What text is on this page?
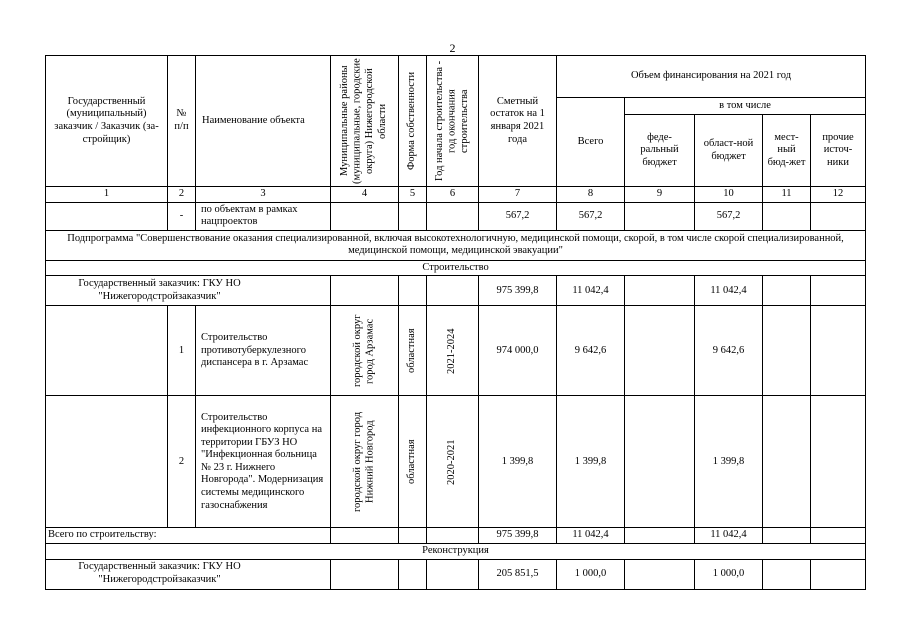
2
Государственный (муниципальный) заказчик / Заказчик (за-стройщик)	№ п/п	Наименование объекта	Муниципальные районы (муниципальные, городские округа) Нижегородской области	Форма собственности	Год начала строительства - год окончания строительства	Сметный остаток на 1 января 2021 года	Объем финансирования на 2021 год				
							Всего	в том числе			
								феде-ральный бюджет	област-ной бюджет	мест-ный бюд-жет	прочие источ-ники
1	2	3	4	5	6	7	8	9	10	11	12
	-	по объектам в рамках нацпроектов				567,2	567,2		567,2		
Подпрограмма "Совершенствование оказания специализированной, включая высокотехнологичную, медицинской помощи, скорой, в том числе скорой специализированной, медицинской помощи, медицинской эвакуации"											
Строительство											
Государственный заказчик: ГКУ НО "Нижегородстройзаказчик"						975 399,8	11 042,4		11 042,4		
	1	Строительство противотуберкулезного диспансера в г. Арзамас	городской округ город Арзамас	областная	2021-2024	974 000,0	9 642,6		9 642,6		
	2	Строительство инфекционного корпуса на территории ГБУЗ НО "Инфекционная больница № 23 г. Нижнего Новгорода". Модернизация системы медицинского газоснабжения	городской округ город Нижний Новгород	областная	2020-2021	1 399,8	1 399,8		1 399,8		
Всего по строительству:						975 399,8	11 042,4		11 042,4		
Реконструкция											
Государственный заказчик: ГКУ НО "Нижегородстройзаказчик"						205 851,5	1 000,0		1 000,0		
